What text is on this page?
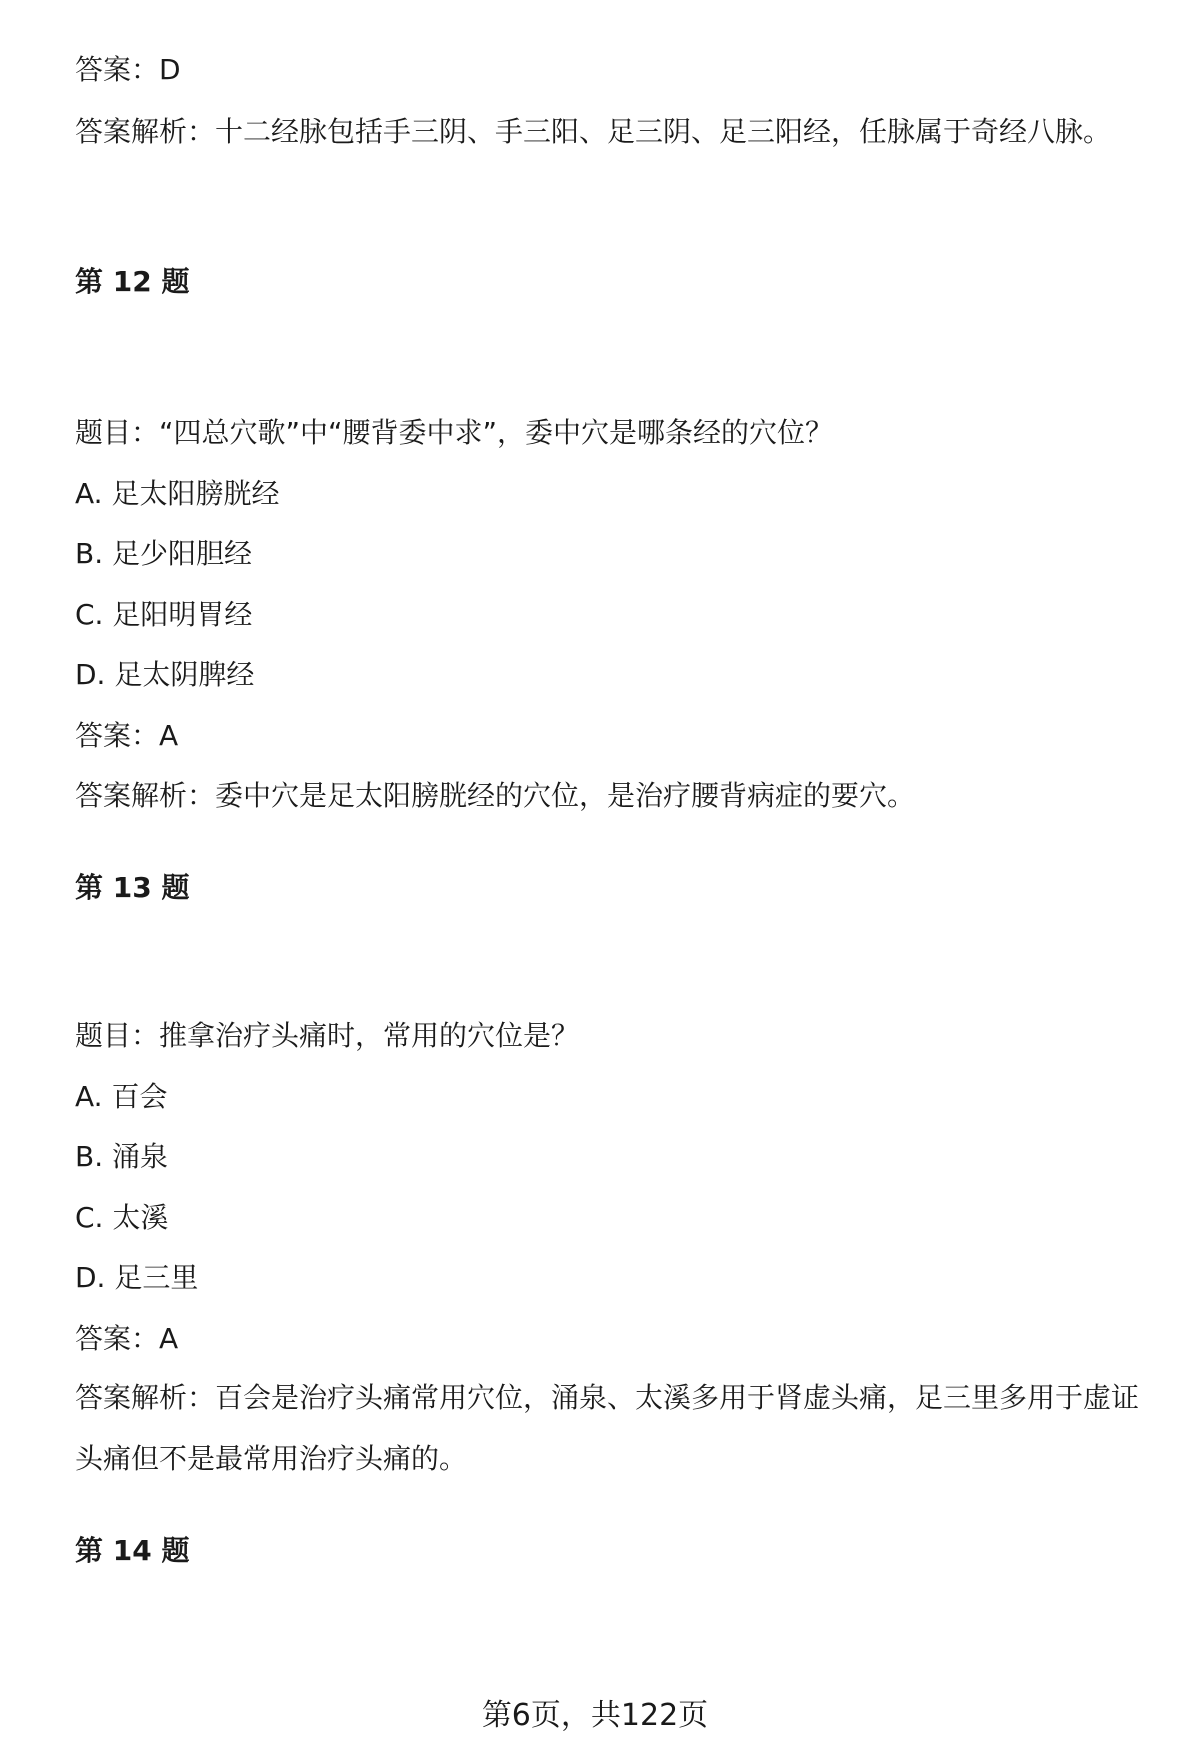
答案：D
答案解析：十二经脉包括手三阴、手三阳、足三阴、足三阳经，任脉属于奇经八脉。
第 12 题
题目：“四总穴歌”中“腰背委中求”，委中穴是哪条经的穴位？
A. 足太阳膀胱经
B. 足少阳胆经
C. 足阳明胃经
D. 足太阴脾经
答案：A
答案解析：委中穴是足太阳膀胱经的穴位，是治疗腰背病症的要穴。
第 13 题
题目：推拿治疗头痛时，常用的穴位是？
A. 百会
B. 涌泉
C. 太溪
D. 足三里
答案：A
答案解析：百会是治疗头痛常用穴位，涌泉、太溪多用于肾虚头痛，足三里多用于虚证头痛但不是最常用治疗头痛的。
第 14 题
第6页，共122页
